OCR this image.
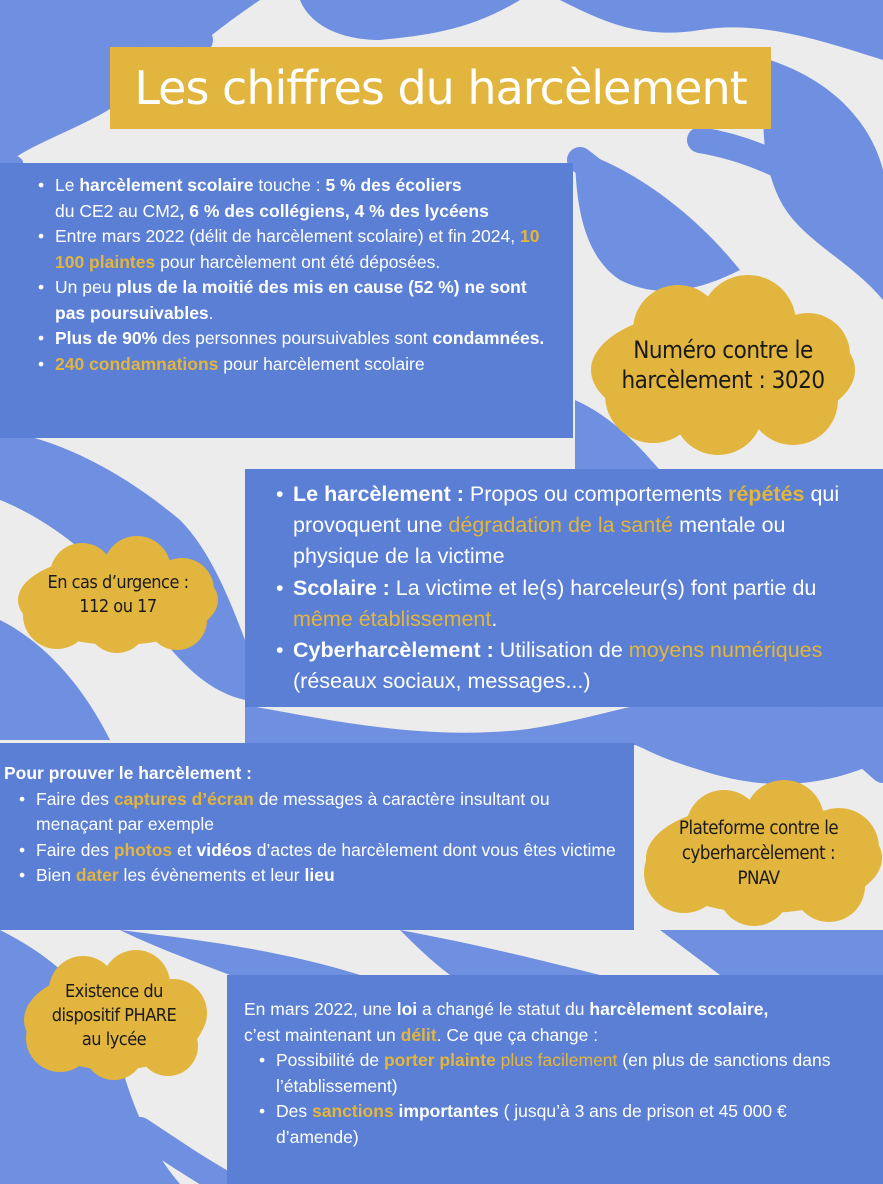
Les chiffres du harcèlement
• Le harcèlement scolaire touche : 5 % des écoliers
du CE2 au CM2, 6 % des collégiens, 4 % des lycéens
• Entre mars 2022 (délit de harcèlement scolaire) et fin 2024, 10 100 plaintes pour harcèlement ont été déposées.
• Un peu plus de la moitié des mis en cause (52 %) ne sont pas poursuivables.
• Plus de 90% des personnes poursuivables sont condamnées.
• 240 condamnations pour harcèlement scolaire	Numéro contre le
harcèlement : 3020
• Le harcèlement : Propos ou comportements répétés qui provoquent une dégradation de la santé mentale ou physique de la victime
• Scolaire : La victime et le(s) harceleur(s) font partie du même établissement.
• Cyberharcèlement : Utilisation de moyens numériques (réseaux sociaux, messages...)
En cas d’urgence :
112 ou 17
Pour prouver le harcèlement :
• Faire des captures d’écran de messages à caractère insultant ou menaçant par exemple
• Faire des photos et vidéos d’actes de harcèlement dont vous êtes victime
• Bien dater les évènements et leur lieu
Plateforme contre le
cyberharcèlement :
PNAV
Existence du
dispositif PHARE
au lycée
En mars 2022, une loi a changé le statut du harcèlement scolaire,
c’est maintenant un délit. Ce que ça change :
• Possibilité de porter plainte plus facilement (en plus de sanctions dans l’établissement)
• Des sanctions importantes ( jusqu’à 3 ans de prison et 45 000 € d’amende)
